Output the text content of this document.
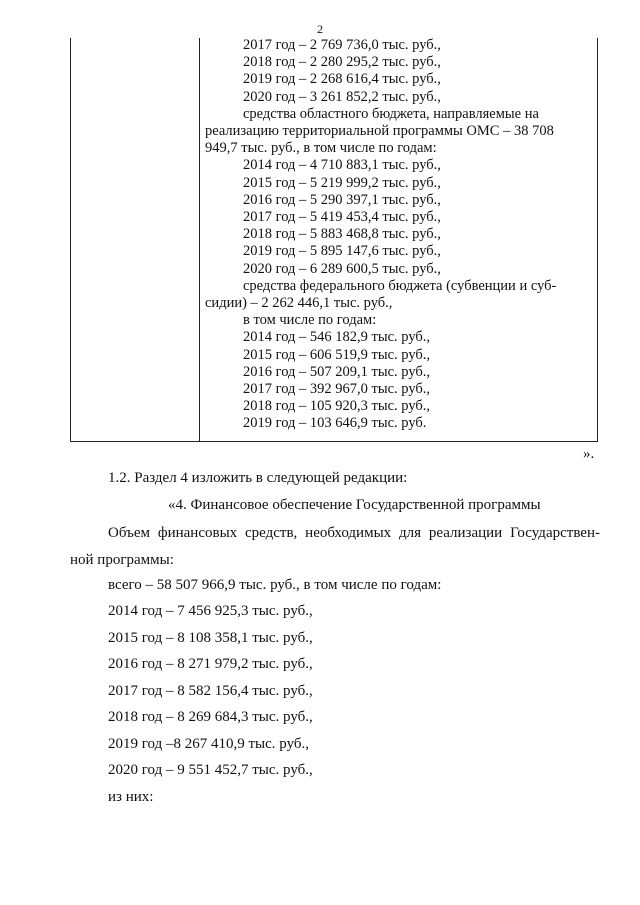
2
2017 год – 2 769 736,0 тыс. руб.,
2018 год – 2 280 295,2 тыс. руб.,
2019 год – 2 268 616,4 тыс. руб.,
2020 год – 3 261 852,2 тыс. руб.,
средства областного бюджета, направляемые на
реализацию территориальной программы ОМС – 38 708
949,7 тыс. руб., в том числе по годам:
2014 год – 4 710 883,1 тыс. руб.,
2015 год – 5 219 999,2 тыс. руб.,
2016 год – 5 290 397,1 тыс. руб.,
2017 год – 5 419 453,4 тыс. руб.,
2018 год – 5 883 468,8 тыс. руб.,
2019 год – 5 895 147,6 тыс. руб.,
2020 год – 6 289 600,5 тыс. руб.,
средства федерального бюджета (субвенции и суб-
сидии) – 2 262 446,1 тыс. руб.,
в том числе по годам:
2014 год – 546 182,9 тыс. руб.,
2015 год – 606 519,9 тыс. руб.,
2016 год – 507 209,1 тыс. руб.,
2017 год – 392 967,0 тыс. руб.,
2018 год – 105 920,3 тыс. руб.,
2019 год – 103 646,9 тыс. руб.
».
1.2. Раздел 4 изложить в следующей редакции:
«4. Финансовое обеспечение Государственной программы
Объем финансовых средств, необходимых для реализации Государствен-
ной программы:
всего – 58 507 966,9 тыс. руб., в том числе по годам:
2014 год – 7 456 925,3 тыс. руб.,
2015 год – 8 108 358,1 тыс. руб.,
2016 год – 8 271 979,2 тыс. руб.,
2017 год – 8 582 156,4 тыс. руб.,
2018 год – 8 269 684,3 тыс. руб.,
2019 год –8 267 410,9 тыс. руб.,
2020 год – 9 551 452,7 тыс. руб.,
из них:
